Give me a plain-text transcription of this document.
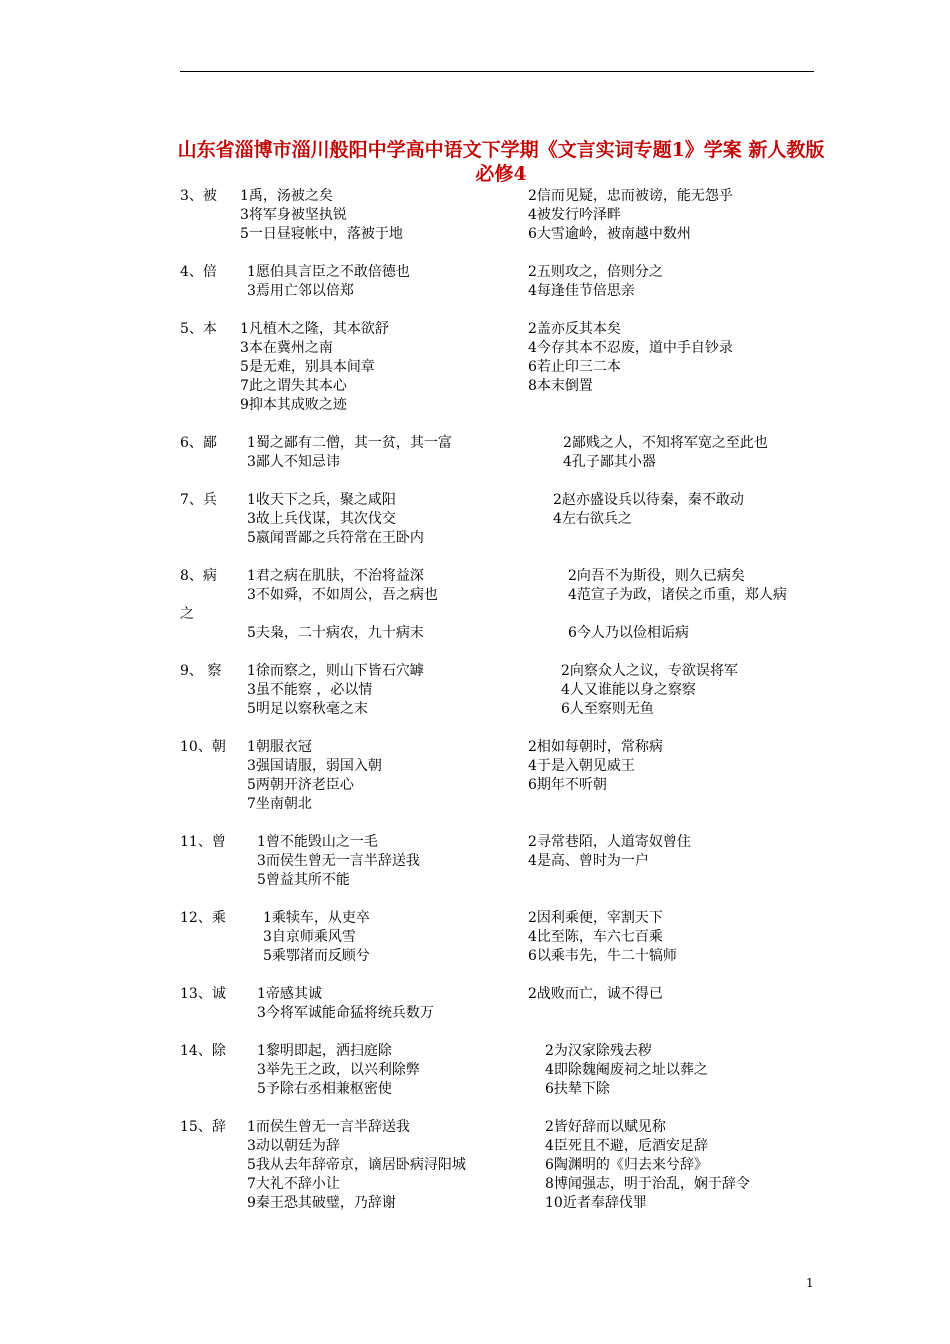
山东省淄博市淄川般阳中学高中语文下学期《文言实词专题1》学案 新人教版必修4
3、被 1禹，汤被之矣	2信而见疑，忠而被谤，能无怨乎
3将军身被坚执锐	4被发行吟泽畔
5一日昼寝帐中，落被于地	6大雪逾岭，被南越中数州
4、倍 1愿伯具言臣之不敢倍德也	2五则攻之，倍则分之
3焉用亡邻以倍郑	4每逢佳节倍思亲
5、本 1凡植木之隆，其本欲舒	2盖亦反其本矣
3本在冀州之南	4今存其本不忍废，道中手自钞录
5是无难，别具本间章	6若止印三二本
7此之谓失其本心	8本末倒置
9抑本其成败之迹
6、鄙 1蜀之鄙有二僧，其一贫，其一富	2鄙贱之人，不知将军宽之至此也
3鄙人不知忌讳	4孔子鄙其小器
7、兵 1收天下之兵，聚之咸阳	2赵亦盛设兵以待秦，秦不敢动
3故上兵伐谋，其次伐交	4左右欲兵之
5嬴闻晋鄙之兵符常在王卧内
8、病 1君之病在肌肤，不治将益深	2向吾不为斯役，则久已病矣
3不如舜，不如周公，吾之病也	4范宣子为政，诸侯之币重，郑人病
之
5夫枭，二十病农，九十病末	6今人乃以俭相诟病
9、 察 1徐而察之，则山下皆石穴罅	2向察众人之议，专欲误将军
3虽不能察 ，必以情	4人又谁能以身之察察
5明足以察秋毫之末	6人至察则无鱼
10、朝 1朝服衣冠	2相如每朝时，常称病
3强国请服，弱国入朝	4于是入朝见威王
5两朝开济老臣心	6期年不听朝
7坐南朝北
11、曾 1曾不能毁山之一毛	2寻常巷陌，人道寄奴曾住
3而侯生曾无一言半辞送我	4是高、曾时为一户
5曾益其所不能
12、乘	1乘犊车，从吏卒	2因利乘便，宰割天下
3自京师乘风雪	4比至陈，车六七百乘
5乘鄂渚而反顾兮	6以乘韦先，牛二十犒师
13、诚 1帝感其诚	2战败而亡，诚不得已
3今将军诚能命猛将统兵数万
14、除 1黎明即起，洒扫庭除	2为汉家除残去秽
3举先王之政，以兴利除弊	4即除魏阉废祠之址以葬之
5予除右丞相兼枢密使	6扶辇下除
15、辞 1而侯生曾无一言半辞送我	2皆好辞而以赋见称
3动以朝廷为辞	4臣死且不避，卮酒安足辞
5我从去年辞帝京，谪居卧病浔阳城	6陶渊明的《归去来兮辞》
7大礼不辞小让	8博闻强志，明于治乱，娴于辞令
9秦王恐其破璧，乃辞谢	10近者奉辞伐罪
1
